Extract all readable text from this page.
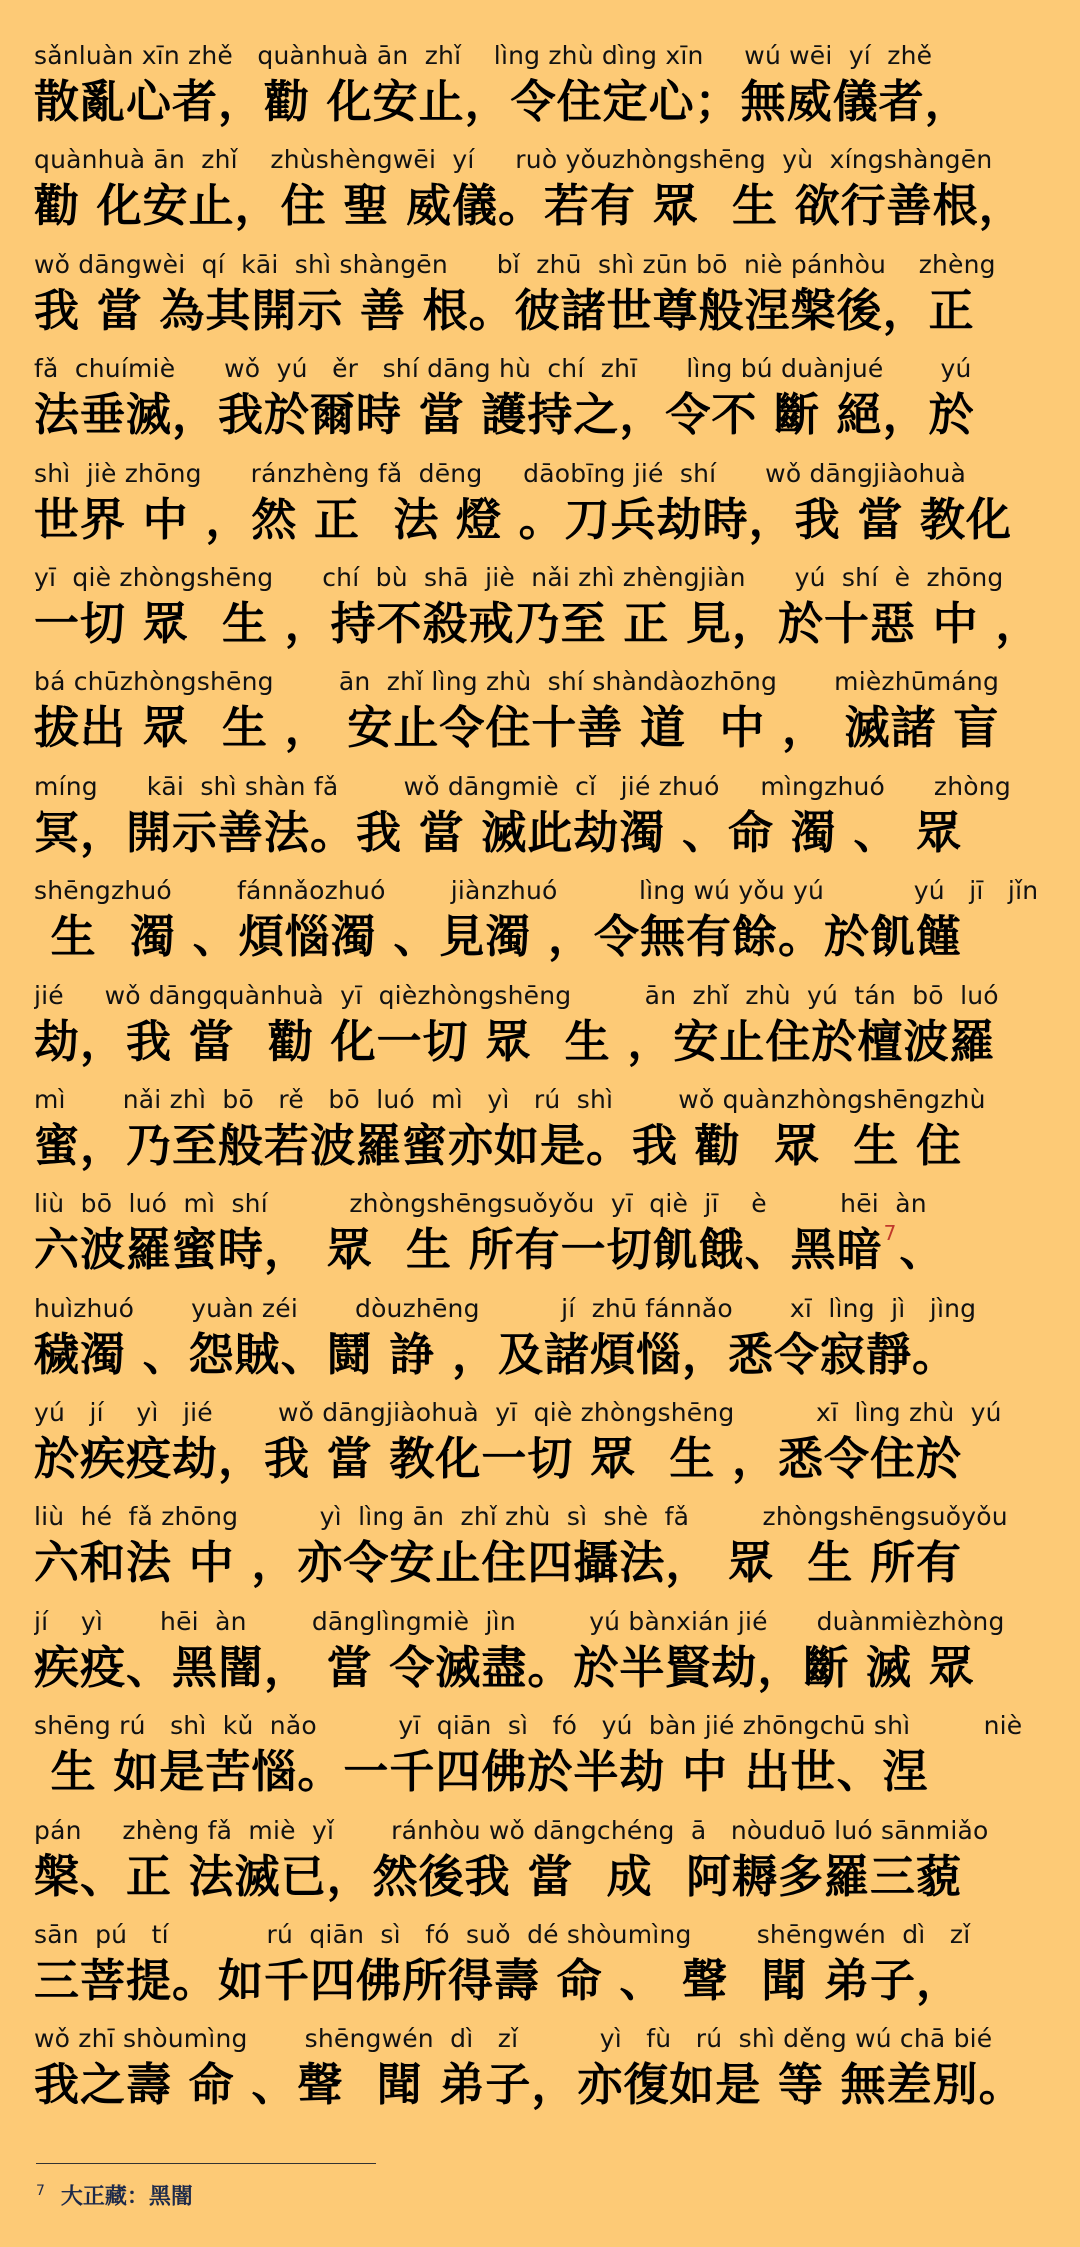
sǎnluàn xīn zhě   quànhuà ān  zhǐ    lìng zhù dìng xīn     wú wēi  yí  zhě
散亂心者，勸 化安止，令住定心；無威儀者，
quànhuà ān  zhǐ    zhùshèngwēi  yí     ruò yǒuzhòngshēng  yù  xíngshàngēn
勸 化安止，住 聖 威儀。若有 眾  生 欲行善根，
wǒ dāngwèi  qí  kāi  shì shàngēn      bǐ  zhū  shì zūn bō  niè pánhòu    zhèng
我 當 為其開示 善 根。彼諸世尊般涅槃後，正
fǎ  chuímiè      wǒ  yú   ěr   shí dāng hù  chí  zhī      lìng bú duànjué       yú
法垂滅，我於爾時 當 護持之，令不 斷 絕，於
shì  jiè zhōng      ránzhèng fǎ  dēng     dāobīng jié  shí      wǒ dāngjiàohuà
世界 中 ，然 正  法 燈 。刀兵劫時，我 當 教化
yī  qiè zhòngshēng      chí  bù  shā  jiè  nǎi zhì zhèngjiàn      yú  shí  è  zhōng
一切 眾  生 ，持不殺戒乃至 正 見，於十惡 中 ，
bá chūzhòngshēng        ān  zhǐ lìng zhù  shí shàndàozhōng       mièzhūmáng
拔出 眾  生 ， 安止令住十善 道  中 ， 滅諸 盲
míng      kāi  shì shàn fǎ        wǒ dāngmiè  cǐ   jié zhuó     mìngzhuó      zhòng
冥，開示善法。我 當 滅此劫濁 、命 濁 、 眾
shēngzhuó        fánnǎozhuó        jiànzhuó          lìng wú yǒu yú           yú   jī   jǐn
生  濁 、煩惱濁 、見濁 ，令無有餘。於飢饉
jié     wǒ dāngquànhuà  yī  qièzhòngshēng         ān  zhǐ  zhù  yú  tán  bō  luó
劫，我 當  勸 化一切 眾  生 ，安止住於檀波羅
mì       nǎi zhì  bō   rě   bō  luó  mì   yì   rú  shì        wǒ quànzhòngshēngzhù
蜜，乃至般若波羅蜜亦如是。我 勸  眾  生 住
liù  bō  luó  mì  shí          zhòngshēngsuǒyǒu  yī  qiè  jī    è         hēi  àn
六波羅蜜時， 眾  生 所有一切飢餓、黑暗$^7$、
huìzhuó       yuàn zéi       dòuzhēng          jí  zhū fánnǎo       xī  lìng  jì   jìng
穢濁 、怨賊、鬪 諍 ，及諸煩惱，悉令寂靜。
yú   jí    yì   jié        wǒ dāngjiàohuà  yī  qiè zhòngshēng          xī  lìng zhù  yú
於疾疫劫，我 當 教化一切 眾  生 ，悉令住於
liù  hé  fǎ zhōng          yì  lìng ān  zhǐ zhù  sì  shè  fǎ         zhòngshēngsuǒyǒu
六和法 中 ，亦令安止住四攝法， 眾  生 所有
jí    yì       hēi  àn        dānglìngmiè  jìn         yú bànxián jié      duànmièzhòng
疾疫、黑闇， 當 令滅盡。於半賢劫，斷 滅 眾
shēng rú   shì  kǔ  nǎo          yī  qiān  sì   fó   yú  bàn jié zhōngchū shì         niè
生 如是苦惱。一千四佛於半劫 中 出世、涅
pán     zhèng fǎ  miè  yǐ       ránhòu wǒ dāngchéng  ā   nòuduō luó sānmiǎo
槃、正 法滅已，然後我 當  成  阿耨多羅三藐
sān  pú   tí            rú  qiān  sì   fó  suǒ  dé shòumìng        shēngwén  dì   zǐ
三菩提。如千四佛所得壽 命 、 聲  聞 弟子，
wǒ zhī shòumìng       shēngwén  dì   zǐ          yì   fù   rú  shì děng wú chā bié
我之壽 命 、聲  聞 弟子，亦復如是 等 無差別。
$^7$ 大正藏：黑闇
